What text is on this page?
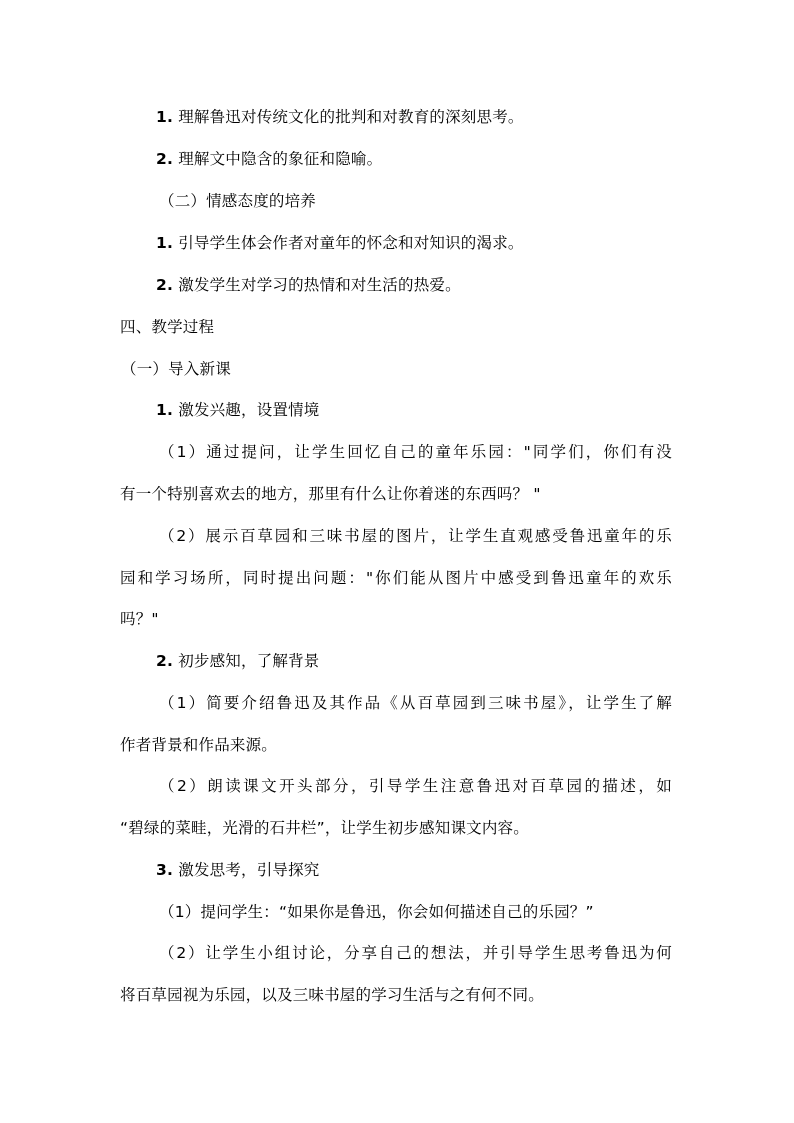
1. 理解鲁迅对传统文化的批判和对教育的深刻思考。
2. 理解文中隐含的象征和隐喻。
（二）情感态度的培养
1. 引导学生体会作者对童年的怀念和对知识的渴求。
2. 激发学生对学习的热情和对生活的热爱。
四、教学过程
（一）导入新课
1. 激发兴趣，设置情境
（1）通过提问，让学生回忆自己的童年乐园："同学们，你们有没
有一个特别喜欢去的地方，那里有什么让你着迷的东西吗？ "
（2）展示百草园和三味书屋的图片，让学生直观感受鲁迅童年的乐
园和学习场所，同时提出问题："你们能从图片中感受到鲁迅童年的欢乐
吗？"
2. 初步感知，了解背景
（1）简要介绍鲁迅及其作品《从百草园到三味书屋》，让学生了解
作者背景和作品来源。
（2）朗读课文开头部分，引导学生注意鲁迅对百草园的描述，如
“碧绿的菜畦，光滑的石井栏”，让学生初步感知课文内容。
3. 激发思考，引导探究
（1）提问学生：“如果你是鲁迅，你会如何描述自己的乐园？”
（2）让学生小组讨论，分享自己的想法，并引导学生思考鲁迅为何
将百草园视为乐园，以及三味书屋的学习生活与之有何不同。
